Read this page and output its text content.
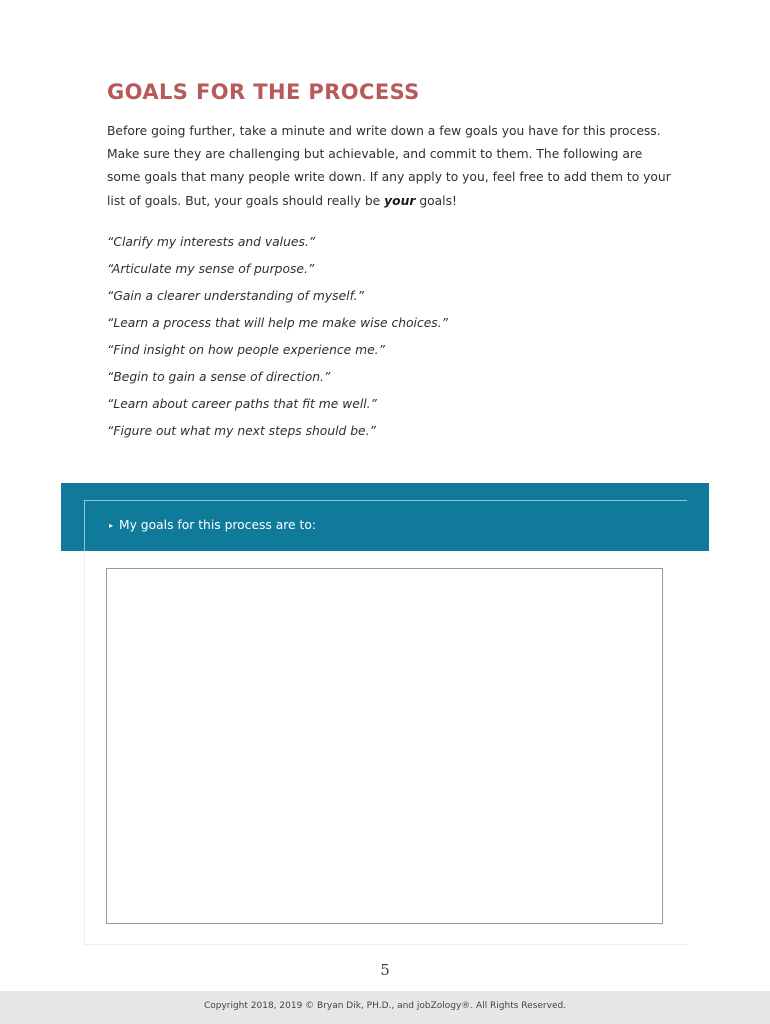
GOALS FOR THE PROCESS

Before going further, take a minute and write down a few goals you have for this process. Make sure they are challenging but achievable, and commit to them. The following are some goals that many people write down. If any apply to you, feel free to add them to your list of goals. But, your goals should really be your goals!

“Clarify my interests and values.”
“Articulate my sense of purpose.”
“Gain a clearer understanding of myself.”
“Learn a process that will help me make wise choices.”
“Find insight on how people experience me.”
“Begin to gain a sense of direction.”
“Learn about career paths that fit me well.”
“Figure out what my next steps should be.”
▸ My goals for this process are to:
5
Copyright 2018, 2019 © Bryan Dik, PH.D., and jobZology®. All Rights Reserved.
